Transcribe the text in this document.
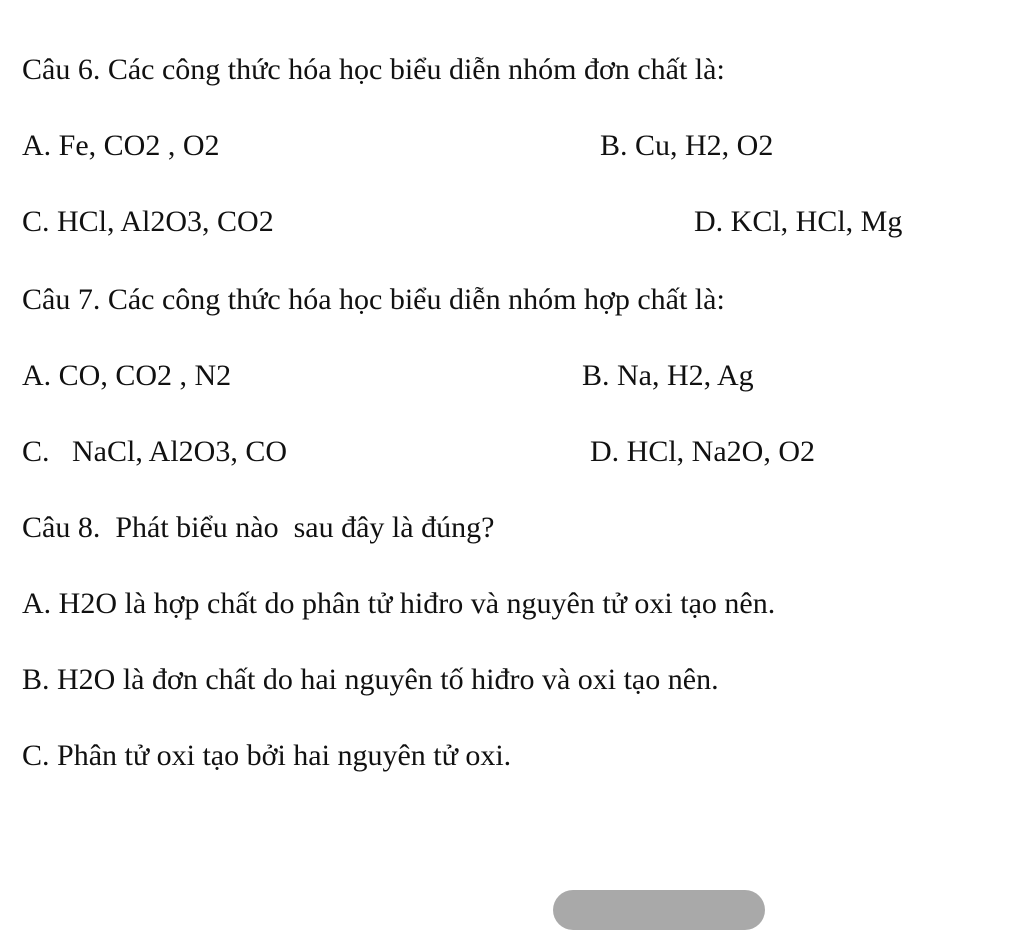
Câu 6. Các công thức hóa học biểu diễn nhóm đơn chất là:
A. Fe, CO2 , O2	B. Cu, H2, O2
C. HCl, Al2O3, CO2	D. KCl, HCl, Mg
Câu 7. Các công thức hóa học biểu diễn nhóm hợp chất là:
A. CO, CO2 , N2	B. Na, H2, Ag
C.   NaCl, Al2O3, CO	D. HCl, Na2O, O2
Câu 8.  Phát biểu nào  sau đây là đúng?
A. H2O là hợp chất do phân tử hiđro và nguyên tử oxi tạo nên.
B. H2O là đơn chất do hai nguyên tố hiđro và oxi tạo nên.
C. Phân tử oxi tạo bởi hai nguyên tử oxi.
